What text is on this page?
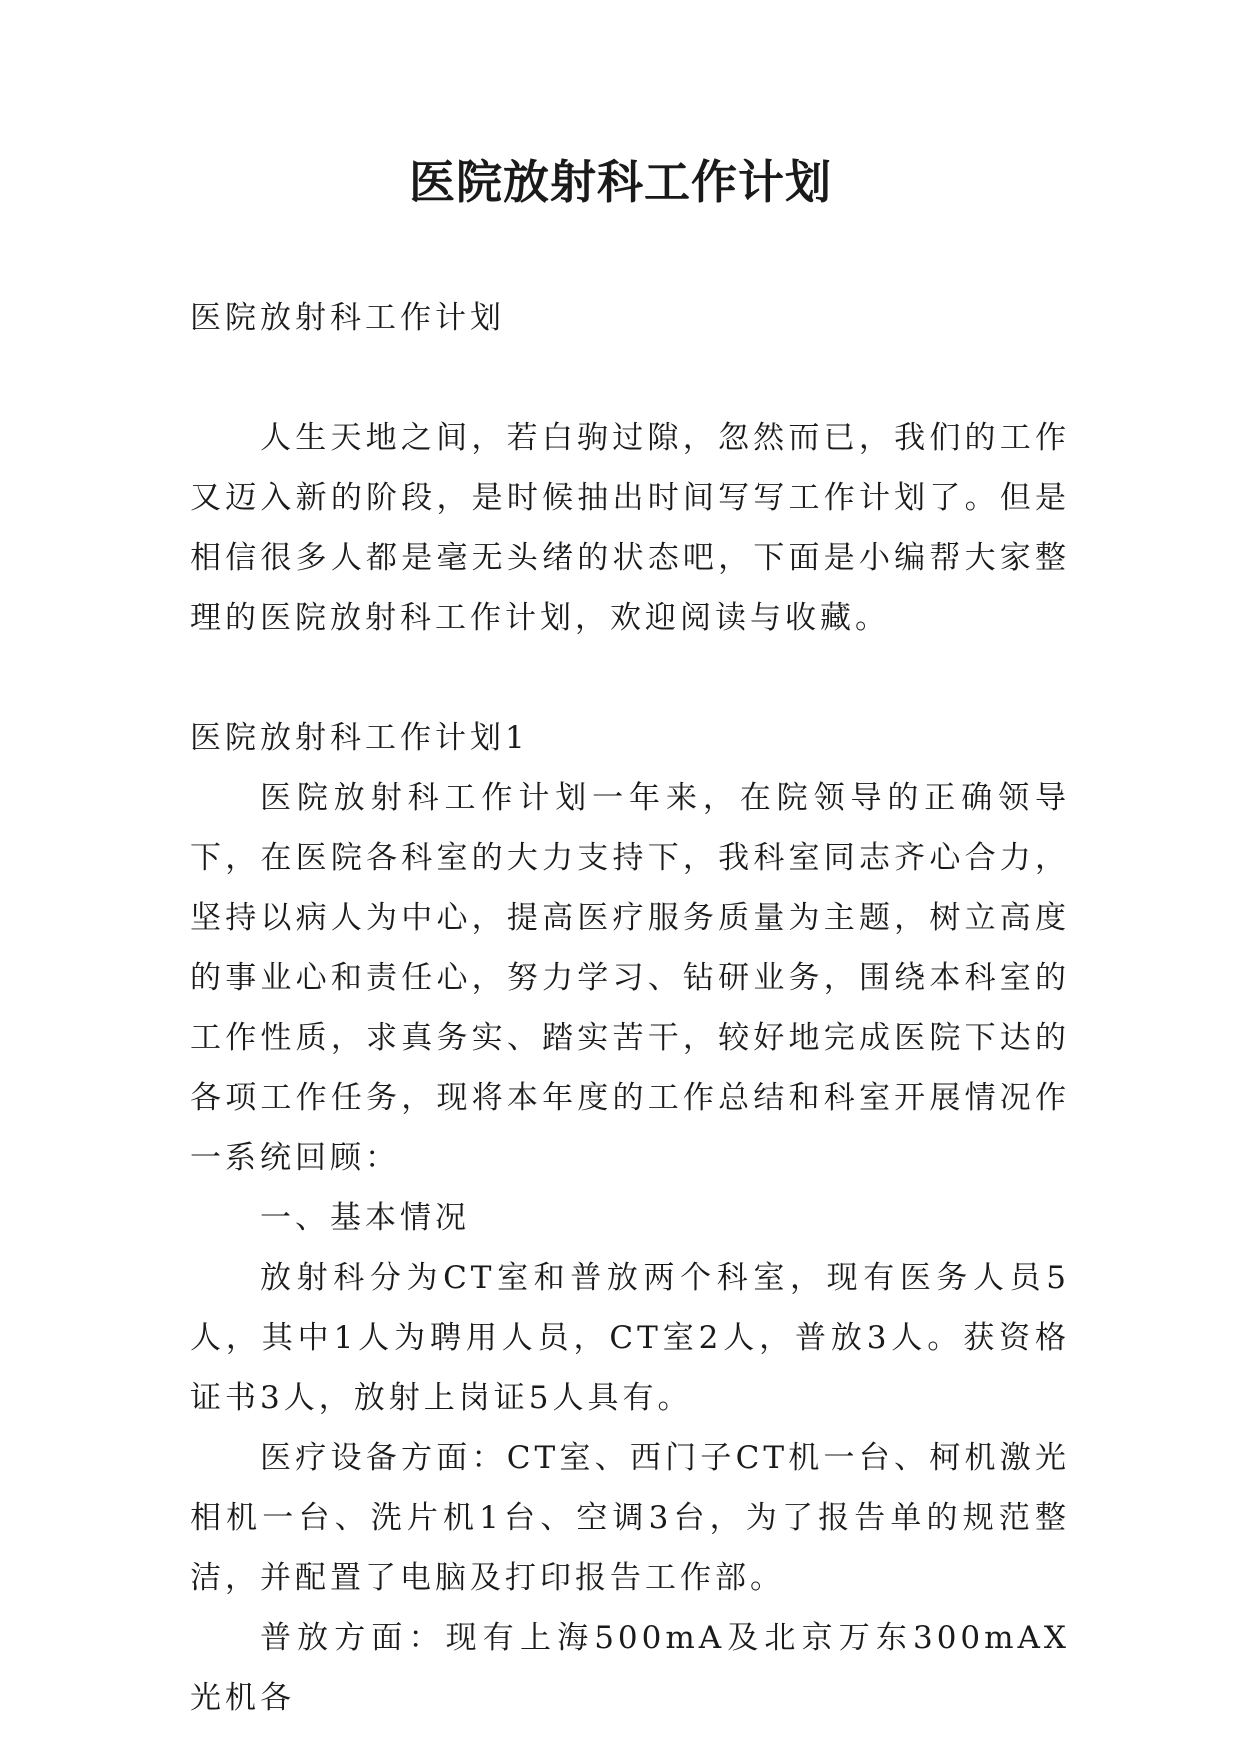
医院放射科工作计划

医院放射科工作计划

人生天地之间，若白驹过隙，忽然而已，我们的工作又迈入新的阶段，是时候抽出时间写写工作计划了。但是相信很多人都是毫无头绪的状态吧，下面是小编帮大家整理的医院放射科工作计划，欢迎阅读与收藏。

医院放射科工作计划1

医院放射科工作计划一年来，在院领导的正确领导下，在医院各科室的大力支持下，我科室同志齐心合力，坚持以病人为中心，提高医疗服务质量为主题，树立高度的事业心和责任心，努力学习、钻研业务，围绕本科室的工作性质，求真务实、踏实苦干，较好地完成医院下达的各项工作任务，现将本年度的工作总结和科室开展情况作一系统回顾：

一、基本情况

放射科分为CT室和普放两个科室，现有医务人员5人，其中1人为聘用人员，CT室2人，普放3人。获资格证书3人，放射上岗证5人具有。

医疗设备方面：CT室、西门子CT机一台、柯机激光相机一台、洗片机1台、空调3台，为了报告单的规范整洁，并配置了电脑及打印报告工作部。

普放方面：现有上海500mA及北京万东300mAX光机各
